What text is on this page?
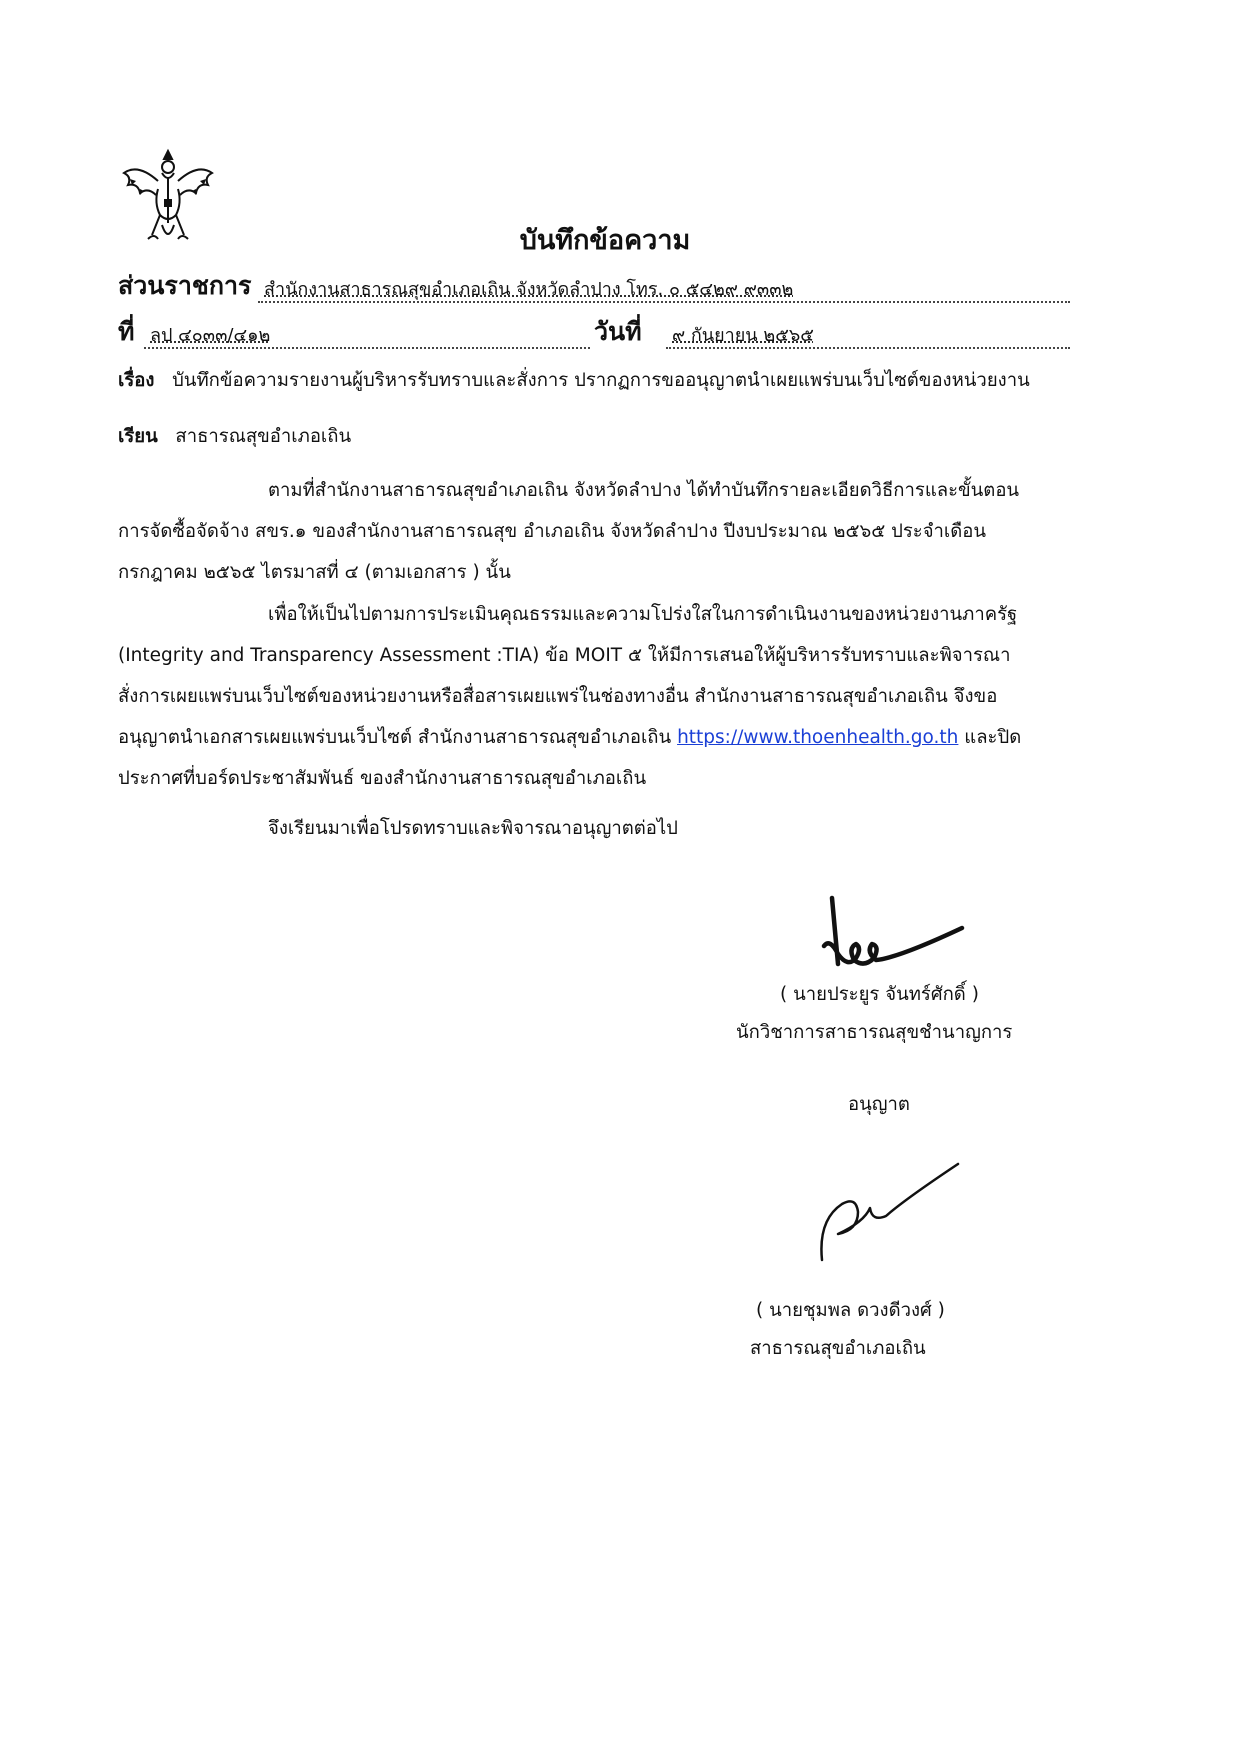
บันทึกข้อความ
ส่วนราชการ สำนักงานสาธารณสุขอำเภอเถิน จังหวัดลำปาง โทร. ๐ ๕๔๒๙ ๙๓๓๒
ที่ ลป ๔๐๓๓/๔๑๒	วันที่	๙ กันยายน ๒๕๖๕
เรื่อง บันทึกข้อความรายงานผู้บริหารรับทราบและสั่งการ ปรากฏการขออนุญาตนำเผยแพร่บนเว็บไซต์ของหน่วยงาน
เรียน สาธารณสุขอำเภอเถิน
ตามที่สำนักงานสาธารณสุขอำเภอเถิน จังหวัดลำปาง ได้ทำบันทึกรายละเอียดวิธีการและขั้นตอน
การจัดซื้อจัดจ้าง สขร.๑ ของสำนักงานสาธารณสุข อำเภอเถิน จังหวัดลำปาง ปีงบประมาณ ๒๕๖๕ ประจำเดือน
กรกฎาคม ๒๕๖๕ ไตรมาสที่ ๔ (ตามเอกสาร ) นั้น
เพื่อให้เป็นไปตามการประเมินคุณธรรมและความโปร่งใสในการดำเนินงานของหน่วยงานภาครัฐ
(Integrity and Transparency Assessment :TIA) ข้อ MOIT ๕ ให้มีการเสนอให้ผู้บริหารรับทราบและพิจารณา
สั่งการเผยแพร่บนเว็บไซต์ของหน่วยงานหรือสื่อสารเผยแพร่ในช่องทางอื่น สำนักงานสาธารณสุขอำเภอเถิน จึงขอ
อนุญาตนำเอกสารเผยแพร่บนเว็บไซต์ สำนักงานสาธารณสุขอำเภอเถิน https://www.thoenhealth.go.th และปิด
ประกาศที่บอร์ดประชาสัมพันธ์ ของสำนักงานสาธารณสุขอำเภอเถิน
จึงเรียนมาเพื่อโปรดทราบและพิจารณาอนุญาตต่อไป
( นายประยูร จันทร์ศักดิ์ )
นักวิชาการสาธารณสุขชำนาญการ
อนุญาต
( นายชุมพล ดวงดีวงศ์ )
สาธารณสุขอำเภอเถิน
